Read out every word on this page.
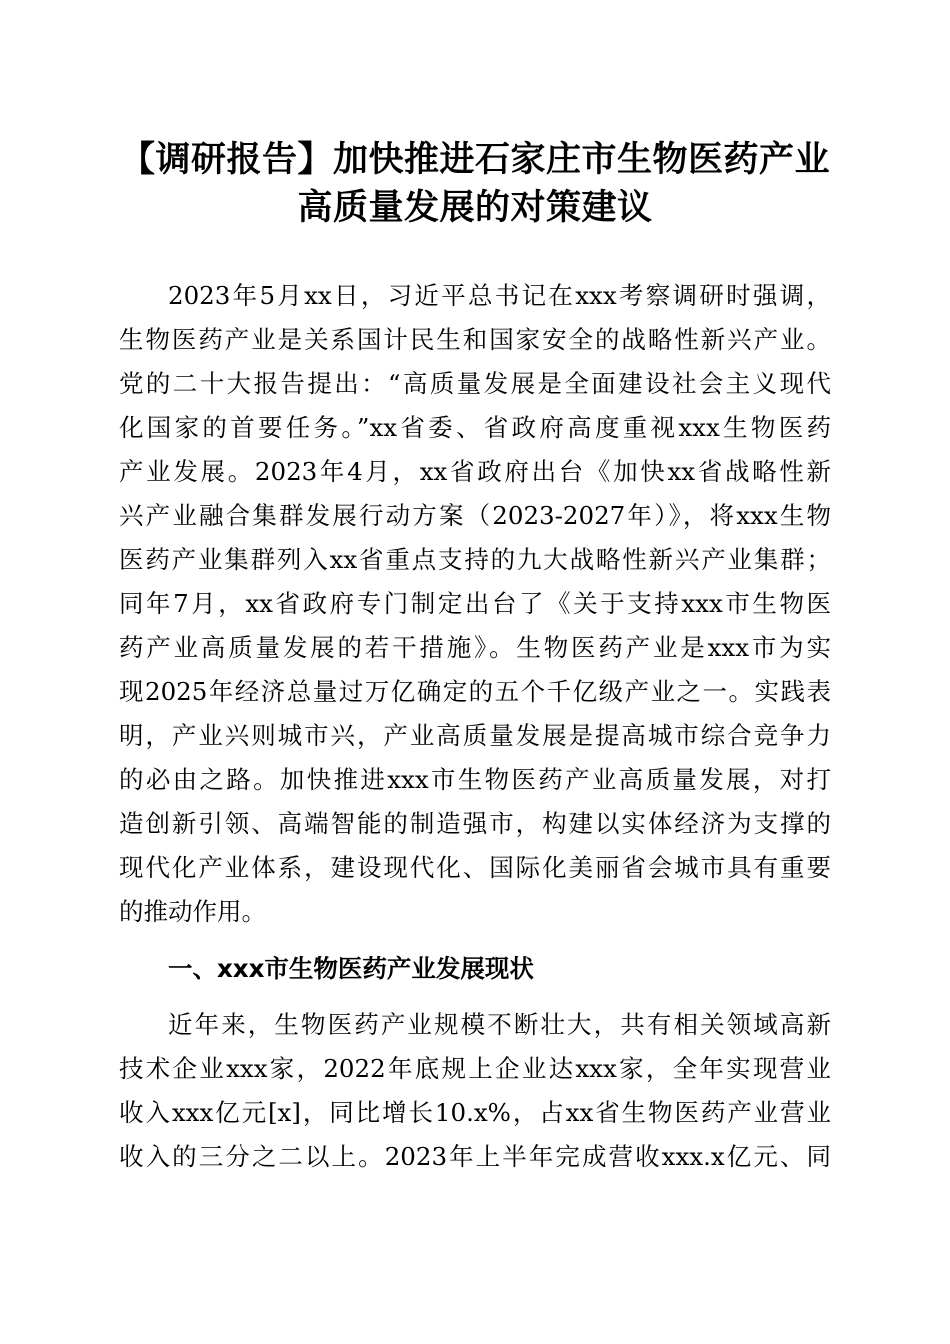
【调研报告】加快推进石家庄市生物医药产业
高质量发展的对策建议
2023年5月xx日，习近平总书记在xxx考察调研时强调，
生物医药产业是关系国计民生和国家安全的战略性新兴产业。
党的二十大报告提出：“高质量发展是全面建设社会主义现代
化国家的首要任务。”xx省委、省政府高度重视xxx生物医药
产业发展。2023年4月，xx省政府出台《加快xx省战略性新
兴产业融合集群发展行动方案（2023-2027年）》，将xxx生物
医药产业集群列入xx省重点支持的九大战略性新兴产业集群；
同年7月，xx省政府专门制定出台了《关于支持xxx市生物医
药产业高质量发展的若干措施》。生物医药产业是xxx市为实
现2025年经济总量过万亿确定的五个千亿级产业之一。实践表
明，产业兴则城市兴，产业高质量发展是提高城市综合竞争力
的必由之路。加快推进xxx市生物医药产业高质量发展，对打
造创新引领、高端智能的制造强市，构建以实体经济为支撑的
现代化产业体系，建设现代化、国际化美丽省会城市具有重要
的推动作用。
一、xxx市生物医药产业发展现状
近年来，生物医药产业规模不断壮大，共有相关领域高新
技术企业xxx家，2022年底规上企业达xxx家，全年实现营业
收入xxx亿元[x]，同比增长10.x%，占xx省生物医药产业营业
收入的三分之二以上。2023年上半年完成营收xxx.x亿元、同
